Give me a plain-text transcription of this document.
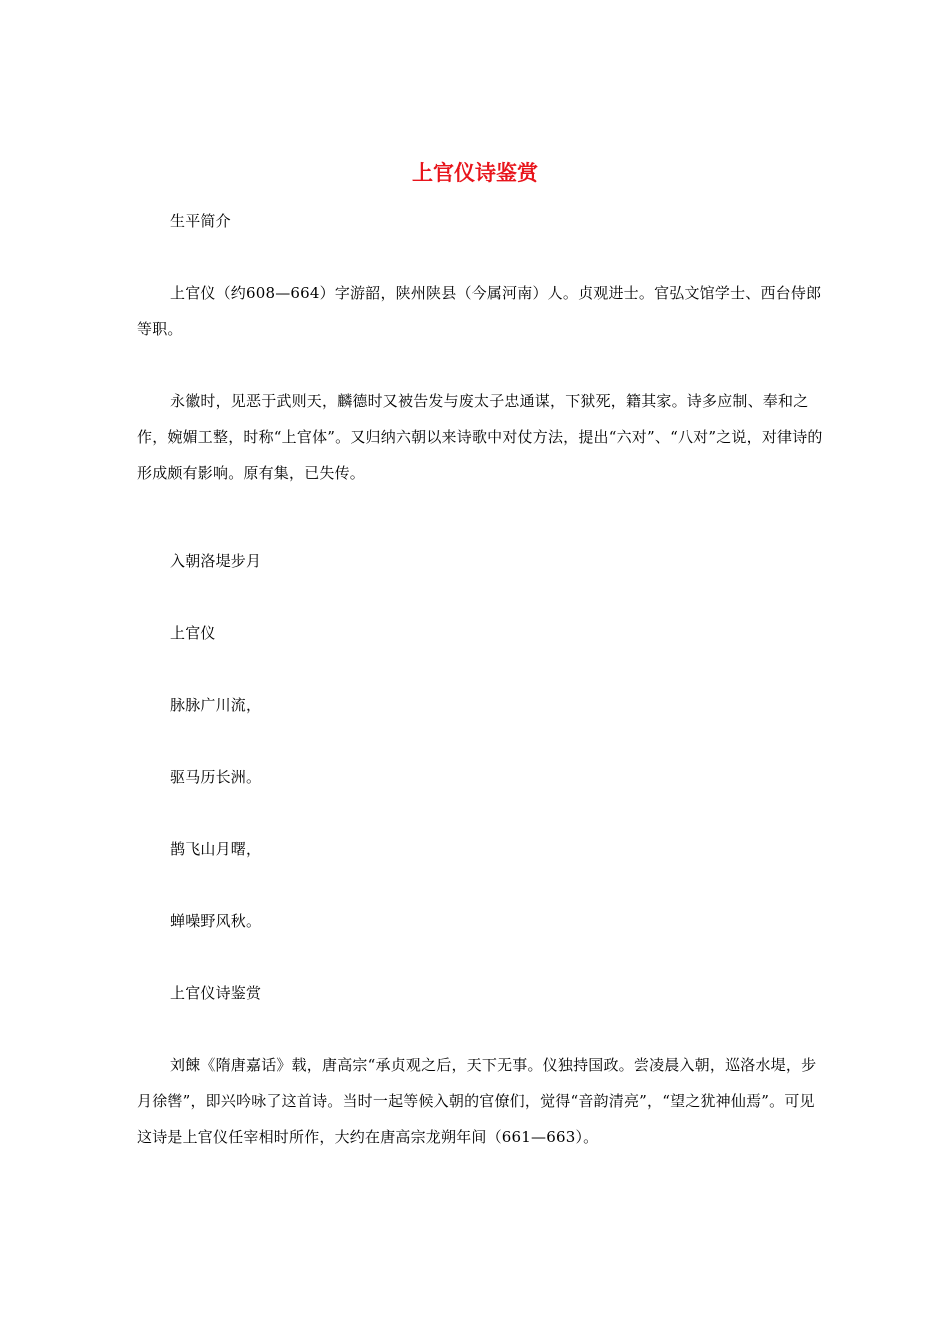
上官仪诗鉴赏

生平简介

上官仪（约608—664）字游韶，陕州陕县（今属河南）人。贞观进士。官弘文馆学士、西台侍郎等职。

永徽时，见恶于武则天，麟德时又被告发与废太子忠通谋，下狱死，籍其家。诗多应制、奉和之作，婉媚工整，时称“上官体”。又归纳六朝以来诗歌中对仗方法，提出“六对”、“八对”之说，对律诗的形成颇有影响。原有集，已失传。

入朝洛堤步月

上官仪

脉脉广川流，

驱马历长洲。

鹊飞山月曙，

蝉噪野风秋。

上官仪诗鉴赏

刘餗《隋唐嘉话》载，唐高宗“承贞观之后，天下无事。仪独持国政。尝凌晨入朝，巡洛水堤，步月徐辔”，即兴吟咏了这首诗。当时一起等候入朝的官僚们，觉得“音韵清亮”，“望之犹神仙焉”。可见这诗是上官仪任宰相时所作，大约在唐高宗龙朔年间（661—663）。
